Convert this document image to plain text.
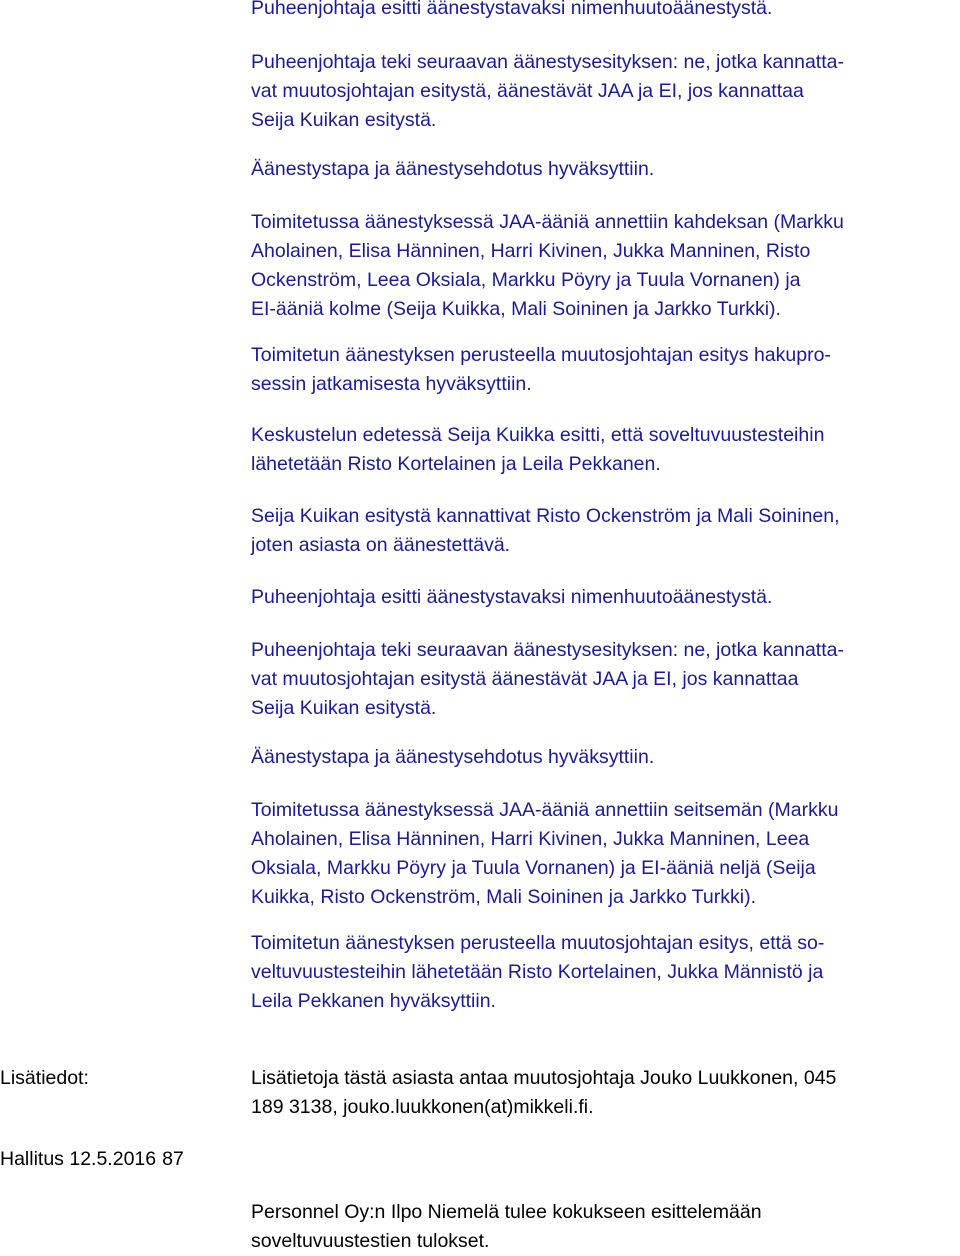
Puheenjohtaja esitti äänestystavaksi nimenhuutoäänestystä.

Puheenjohtaja teki seuraavan äänestysesityksen: ne, jotka kannatta-
vat muutosjohtajan esitystä, äänestävät JAA ja EI, jos kannattaa
Seija Kuikan esitystä.

Äänestystapa ja äänestysehdotus hyväksyttiin.

Toimitetussa äänestyksessä JAA-ääniä annettiin kahdeksan (Markku
Aholainen, Elisa Hänninen, Harri Kivinen, Jukka Manninen, Risto
Ockenström, Leea Oksiala, Markku Pöyry ja Tuula Vornanen) ja
EI-ääniä kolme (Seija Kuikka, Mali Soininen ja Jarkko Turkki).

Toimitetun äänestyksen perusteella muutosjohtajan esitys hakupro-
sessin jatkamisesta hyväksyttiin.

Keskustelun edetessä Seija Kuikka esitti, että soveltuvuustesteihin
lähetetään Risto Kortelainen ja Leila Pekkanen.

Seija Kuikan esitystä kannattivat Risto Ockenström ja Mali Soininen,
joten asiasta on äänestettävä.

Puheenjohtaja esitti äänestystavaksi nimenhuutoäänestystä.

Puheenjohtaja teki seuraavan äänestysesityksen: ne, jotka kannatta-
vat muutosjohtajan esitystä äänestävät JAA ja EI, jos kannattaa
Seija Kuikan esitystä.

Äänestystapa ja äänestysehdotus hyväksyttiin.

Toimitetussa äänestyksessä JAA-ääniä annettiin seitsemän (Markku
Aholainen, Elisa Hänninen, Harri Kivinen, Jukka Manninen, Leea
Oksiala, Markku Pöyry ja Tuula Vornanen) ja EI-ääniä neljä (Seija
Kuikka, Risto Ockenström, Mali Soininen ja Jarkko Turkki).

Toimitetun äänestyksen perusteella muutosjohtajan esitys, että so-
veltuvuustesteihin lähetetään Risto Kortelainen, Jukka Männistö ja
Leila Pekkanen hyväksyttiin.

Lisätiedot:	Lisätietoja tästä asiasta antaa muutosjohtaja Jouko Luukkonen, 045
189 3138, jouko.luukkonen(at)mikkeli.fi.

Hallitus 12.5.2016 87

Personnel Oy:n Ilpo Niemelä tulee kokukseen esittelemään
soveltuvuustestien tulokset.
